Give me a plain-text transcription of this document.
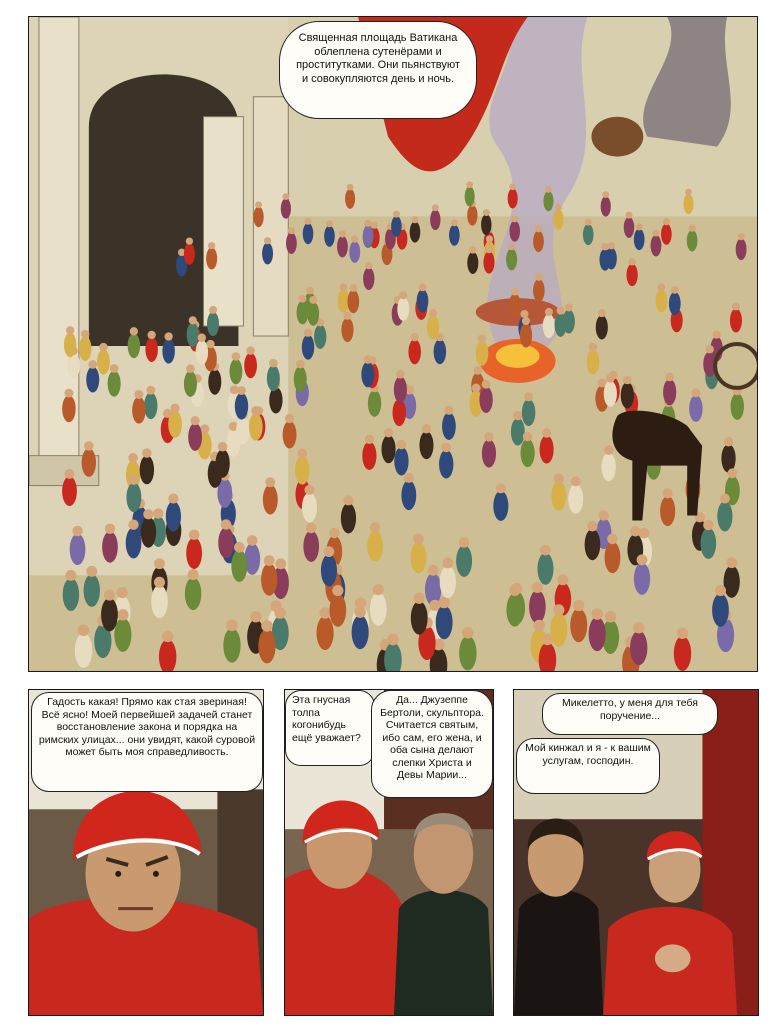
Священная площадь Ватикана облеплена сутенёрами и проститутками. Они пьянствуют и совокупляются день и ночь.
Гадость какая! Прямо как стая звериная! Всё ясно! Моей первейшей задачей станет восстановление закона и порядка на римских улицах... они увидят, какой суровой может быть моя справедливость.
Эта гнусная толпа когонибудь ещё уважает?
Да... Джузеппе Бертоли, скульптора. Считается святым, ибо сам, его жена, и оба сына делают слепки Христа и Девы Марии...
Микелетто, у меня для тебя поручение...
Мой кинжал и я - к вашим услугам, господин.
